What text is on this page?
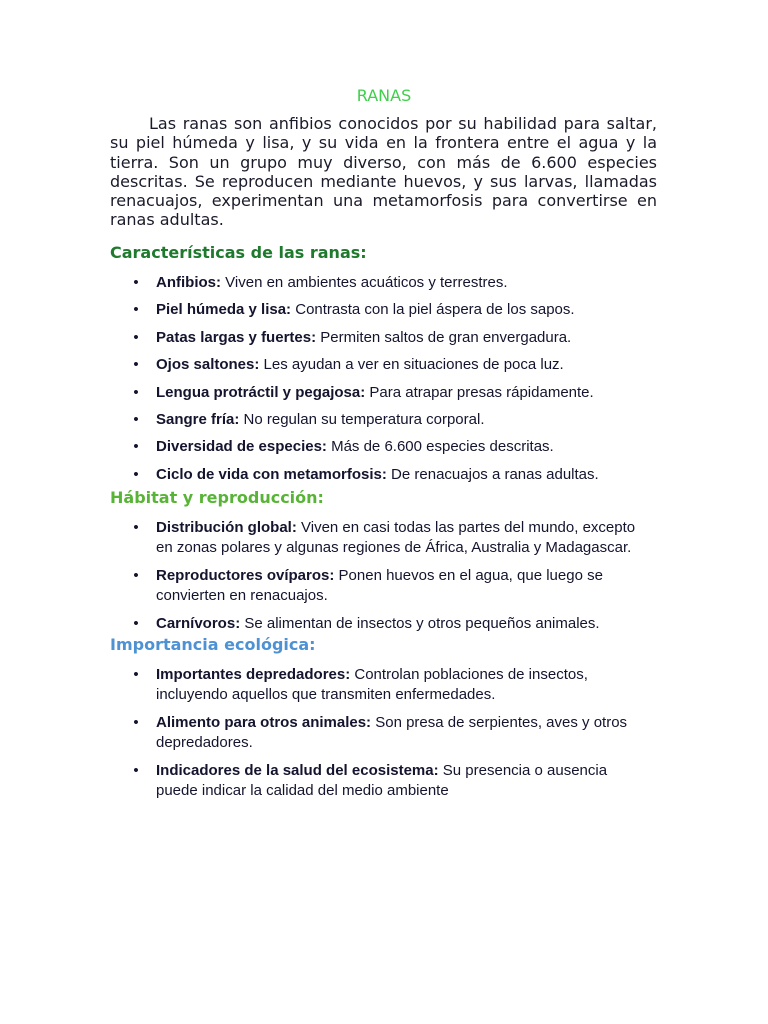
RANAS

Las ranas son anfibios conocidos por su habilidad para saltar, su piel húmeda y lisa, y su vida en la frontera entre el agua y la tierra. Son un grupo muy diverso, con más de 6.600 especies descritas. Se reproducen mediante huevos, y sus larvas, llamadas renacuajos, experimentan una metamorfosis para convertirse en ranas adultas.

Características de las ranas:
• Anfibios: Viven en ambientes acuáticos y terrestres.
• Piel húmeda y lisa: Contrasta con la piel áspera de los sapos.
• Patas largas y fuertes: Permiten saltos de gran envergadura.
• Ojos saltones: Les ayudan a ver en situaciones de poca luz.
• Lengua protráctil y pegajosa: Para atrapar presas rápidamente.
• Sangre fría: No regulan su temperatura corporal.
• Diversidad de especies: Más de 6.600 especies descritas.
• Ciclo de vida con metamorfosis: De renacuajos a ranas adultas.
Hábitat y reproducción:
• Distribución global: Viven en casi todas las partes del mundo, excepto en zonas polares y algunas regiones de África, Australia y Madagascar.
• Reproductores ovíparos: Ponen huevos en el agua, que luego se convierten en renacuajos.
• Carnívoros: Se alimentan de insectos y otros pequeños animales.
Importancia ecológica:
• Importantes depredadores: Controlan poblaciones de insectos, incluyendo aquellos que transmiten enfermedades.
• Alimento para otros animales: Son presa de serpientes, aves y otros depredadores.
• Indicadores de la salud del ecosistema: Su presencia o ausencia puede indicar la calidad del medio ambiente
